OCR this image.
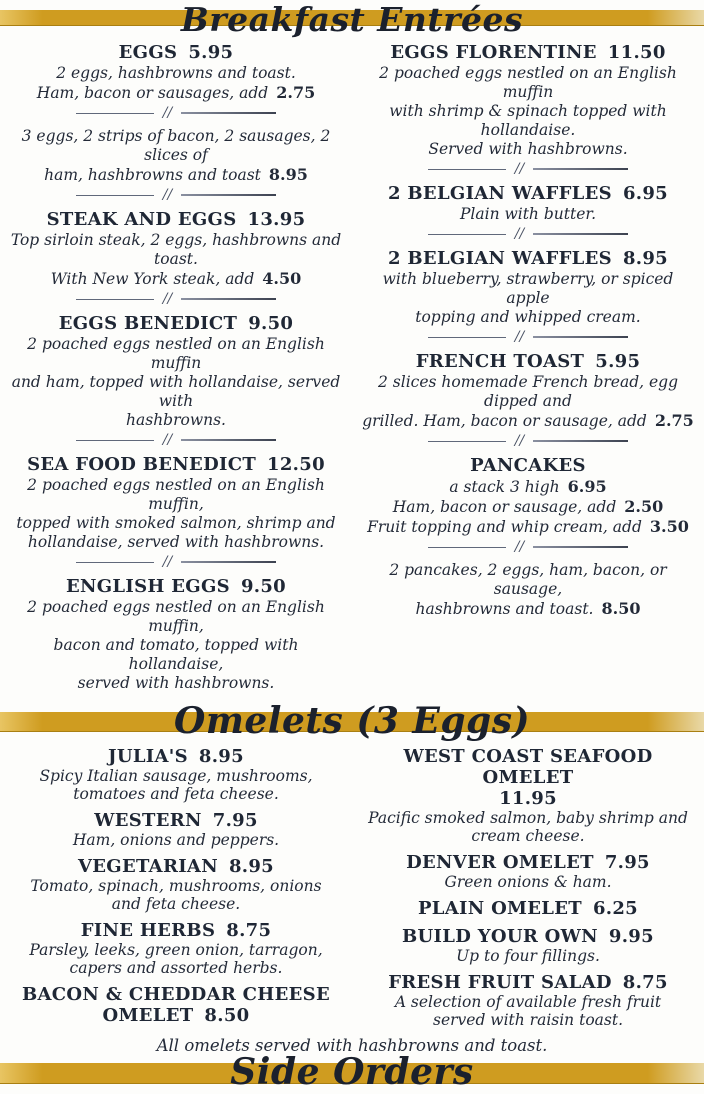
Breakfast Entrées
EGGS 5.95
2 eggs, hashbrowns and toast.
Ham, bacon or sausages, add 2.75
//
3 eggs, 2 strips of bacon, 2 sausages, 2 slices of
ham, hashbrowns and toast 8.95
//
STEAK AND EGGS 13.95
Top sirloin steak, 2 eggs, hashbrowns and toast.
With New York steak, add 4.50
//
EGGS BENEDICT 9.50
2 poached eggs nestled on an English muffin
and ham, topped with hollandaise, served with
hashbrowns.
//
SEA FOOD BENEDICT 12.50
2 poached eggs nestled on an English muffin,
topped with smoked salmon, shrimp and
hollandaise, served with hashbrowns.
//
ENGLISH EGGS 9.50
2 poached eggs nestled on an English muffin,
bacon and tomato, topped with hollandaise,
served with hashbrowns.
EGGS FLORENTINE 11.50
2 poached eggs nestled on an English muffin
with shrimp & spinach topped with hollandaise.
Served with hashbrowns.
//
2 BELGIAN WAFFLES 6.95
Plain with butter.
//
2 BELGIAN WAFFLES 8.95
with blueberry, strawberry, or spiced apple
topping and whipped cream.
//
FRENCH TOAST 5.95
2 slices homemade French bread, egg dipped and
grilled. Ham, bacon or sausage, add 2.75
//
PANCAKES
a stack 3 high 6.95
Ham, bacon or sausage, add 2.50
Fruit topping and whip cream, add 3.50
//
2 pancakes, 2 eggs, ham, bacon, or sausage,
hashbrowns and toast. 8.50
Omelets (3 Eggs)
JULIA'S 8.95
Spicy Italian sausage, mushrooms,
tomatoes and feta cheese.
WESTERN 7.95
Ham, onions and peppers.
VEGETARIAN 8.95
Tomato, spinach, mushrooms, onions
and feta cheese.
FINE HERBS 8.75
Parsley, leeks, green onion, tarragon,
capers and assorted herbs.
BACON & CHEDDAR CHEESE
OMELET 8.50
WEST COAST SEAFOOD OMELET
11.95
Pacific smoked salmon, baby shrimp and
cream cheese.
DENVER OMELET 7.95
Green onions & ham.
PLAIN OMELET 6.25
BUILD YOUR OWN 9.95
Up to four fillings.
FRESH FRUIT SALAD 8.75
A selection of available fresh fruit
served with raisin toast.
All omelets served with hashbrowns and toast.
Side Orders
